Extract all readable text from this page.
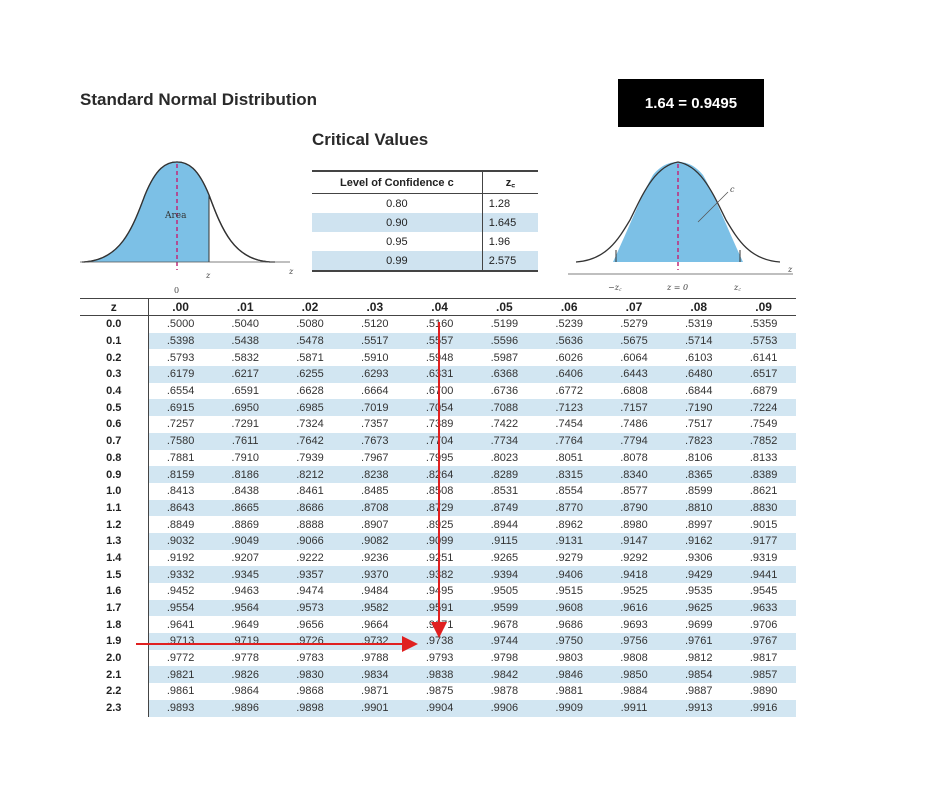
Standard Normal Distribution
Critical Values
1.64 = 0.9495
Area
0
z	z
c
−z꜀	z = 0	z꜀
z
Level of Confidence c	z꜀
0.80	1.28
0.90	1.645
0.95	1.96
0.99	2.575
z	.00	.01	.02	.03	.04	.05	.06	.07	.08	.09
0.0	.5000	.5040	.5080	.5120	.5160	.5199	.5239	.5279	.5319	.5359
0.1	.5398	.5438	.5478	.5517	.5557	.5596	.5636	.5675	.5714	.5753
0.2	.5793	.5832	.5871	.5910	.5948	.5987	.6026	.6064	.6103	.6141
0.3	.6179	.6217	.6255	.6293	.6331	.6368	.6406	.6443	.6480	.6517
0.4	.6554	.6591	.6628	.6664	.6700	.6736	.6772	.6808	.6844	.6879
0.5	.6915	.6950	.6985	.7019	.7054	.7088	.7123	.7157	.7190	.7224
0.6	.7257	.7291	.7324	.7357	.7389	.7422	.7454	.7486	.7517	.7549
0.7	.7580	.7611	.7642	.7673	.7704	.7734	.7764	.7794	.7823	.7852
0.8	.7881	.7910	.7939	.7967	.7995	.8023	.8051	.8078	.8106	.8133
0.9	.8159	.8186	.8212	.8238	.8264	.8289	.8315	.8340	.8365	.8389
1.0	.8413	.8438	.8461	.8485	.8508	.8531	.8554	.8577	.8599	.8621
1.1	.8643	.8665	.8686	.8708	.8729	.8749	.8770	.8790	.8810	.8830
1.2	.8849	.8869	.8888	.8907	.8925	.8944	.8962	.8980	.8997	.9015
1.3	.9032	.9049	.9066	.9082	.9099	.9115	.9131	.9147	.9162	.9177
1.4	.9192	.9207	.9222	.9236	.9251	.9265	.9279	.9292	.9306	.9319
1.5	.9332	.9345	.9357	.9370	.9382	.9394	.9406	.9418	.9429	.9441
1.6	.9452	.9463	.9474	.9484	.9495	.9505	.9515	.9525	.9535	.9545
1.7	.9554	.9564	.9573	.9582	.9591	.9599	.9608	.9616	.9625	.9633
1.8	.9641	.9649	.9656	.9664	.9671	.9678	.9686	.9693	.9699	.9706
1.9	.9713	.9719	.9726	.9732	.9738	.9744	.9750	.9756	.9761	.9767
2.0	.9772	.9778	.9783	.9788	.9793	.9798	.9803	.9808	.9812	.9817
2.1	.9821	.9826	.9830	.9834	.9838	.9842	.9846	.9850	.9854	.9857
2.2	.9861	.9864	.9868	.9871	.9875	.9878	.9881	.9884	.9887	.9890
2.3	.9893	.9896	.9898	.9901	.9904	.9906	.9909	.9911	.9913	.9916
